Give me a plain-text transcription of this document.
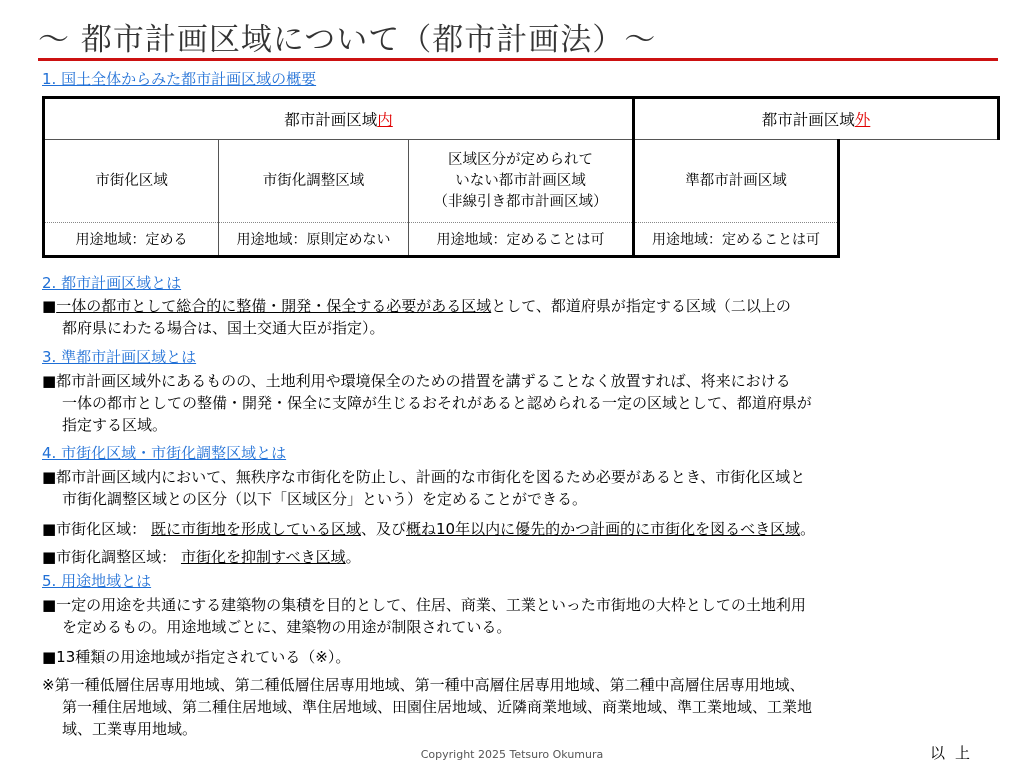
～ 都市計画区域について（都市計画法）～
1. 国土全体からみた都市計画区域の概要
都市計画区域内			都市計画区域外	
市街化区域	市街化調整区域	区域区分が定められて
いない都市計画区域
（非線引き都市計画区域）	準都市計画区域	
用途地域：定める	用途地域：原則定めない	用途地域：定めることは可	用途地域：定めることは可	
2. 都市計画区域とは
■一体の都市として総合的に整備・開発・保全する必要がある区域として、都道府県が指定する区域（二以上の
都府県にわたる場合は、国土交通大臣が指定）。
3. 準都市計画区域とは
■都市計画区域外にあるものの、土地利用や環境保全のための措置を講ずることなく放置すれば、将来における
一体の都市としての整備・開発・保全に支障が生じるおそれがあると認められる一定の区域として、都道府県が
指定する区域。
4. 市街化区域・市街化調整区域とは
■都市計画区域内において、無秩序な市街化を防止し、計画的な市街化を図るため必要があるとき、市街化区域と
市街化調整区域との区分（以下「区域区分」という）を定めることができる。
■市街化区域： 既に市街地を形成している区域、及び概ね10年以内に優先的かつ計画的に市街化を図るべき区域。
■市街化調整区域： 市街化を抑制すべき区域。
5. 用途地域とは
■一定の用途を共通にする建築物の集積を目的として、住居、商業、工業といった市街地の大枠としての土地利用
を定めるもの。用途地域ごとに、建築物の用途が制限されている。
■13種類の用途地域が指定されている（※）。
※第一種低層住居専用地域、第二種低層住居専用地域、第一種中高層住居専用地域、第二種中高層住居専用地域、
第一種住居地域、第二種住居地域、準住居地域、田園住居地域、近隣商業地域、商業地域、準工業地域、工業地
域、工業専用地域。
Copyright 2025 Tetsuro Okumura	以上
